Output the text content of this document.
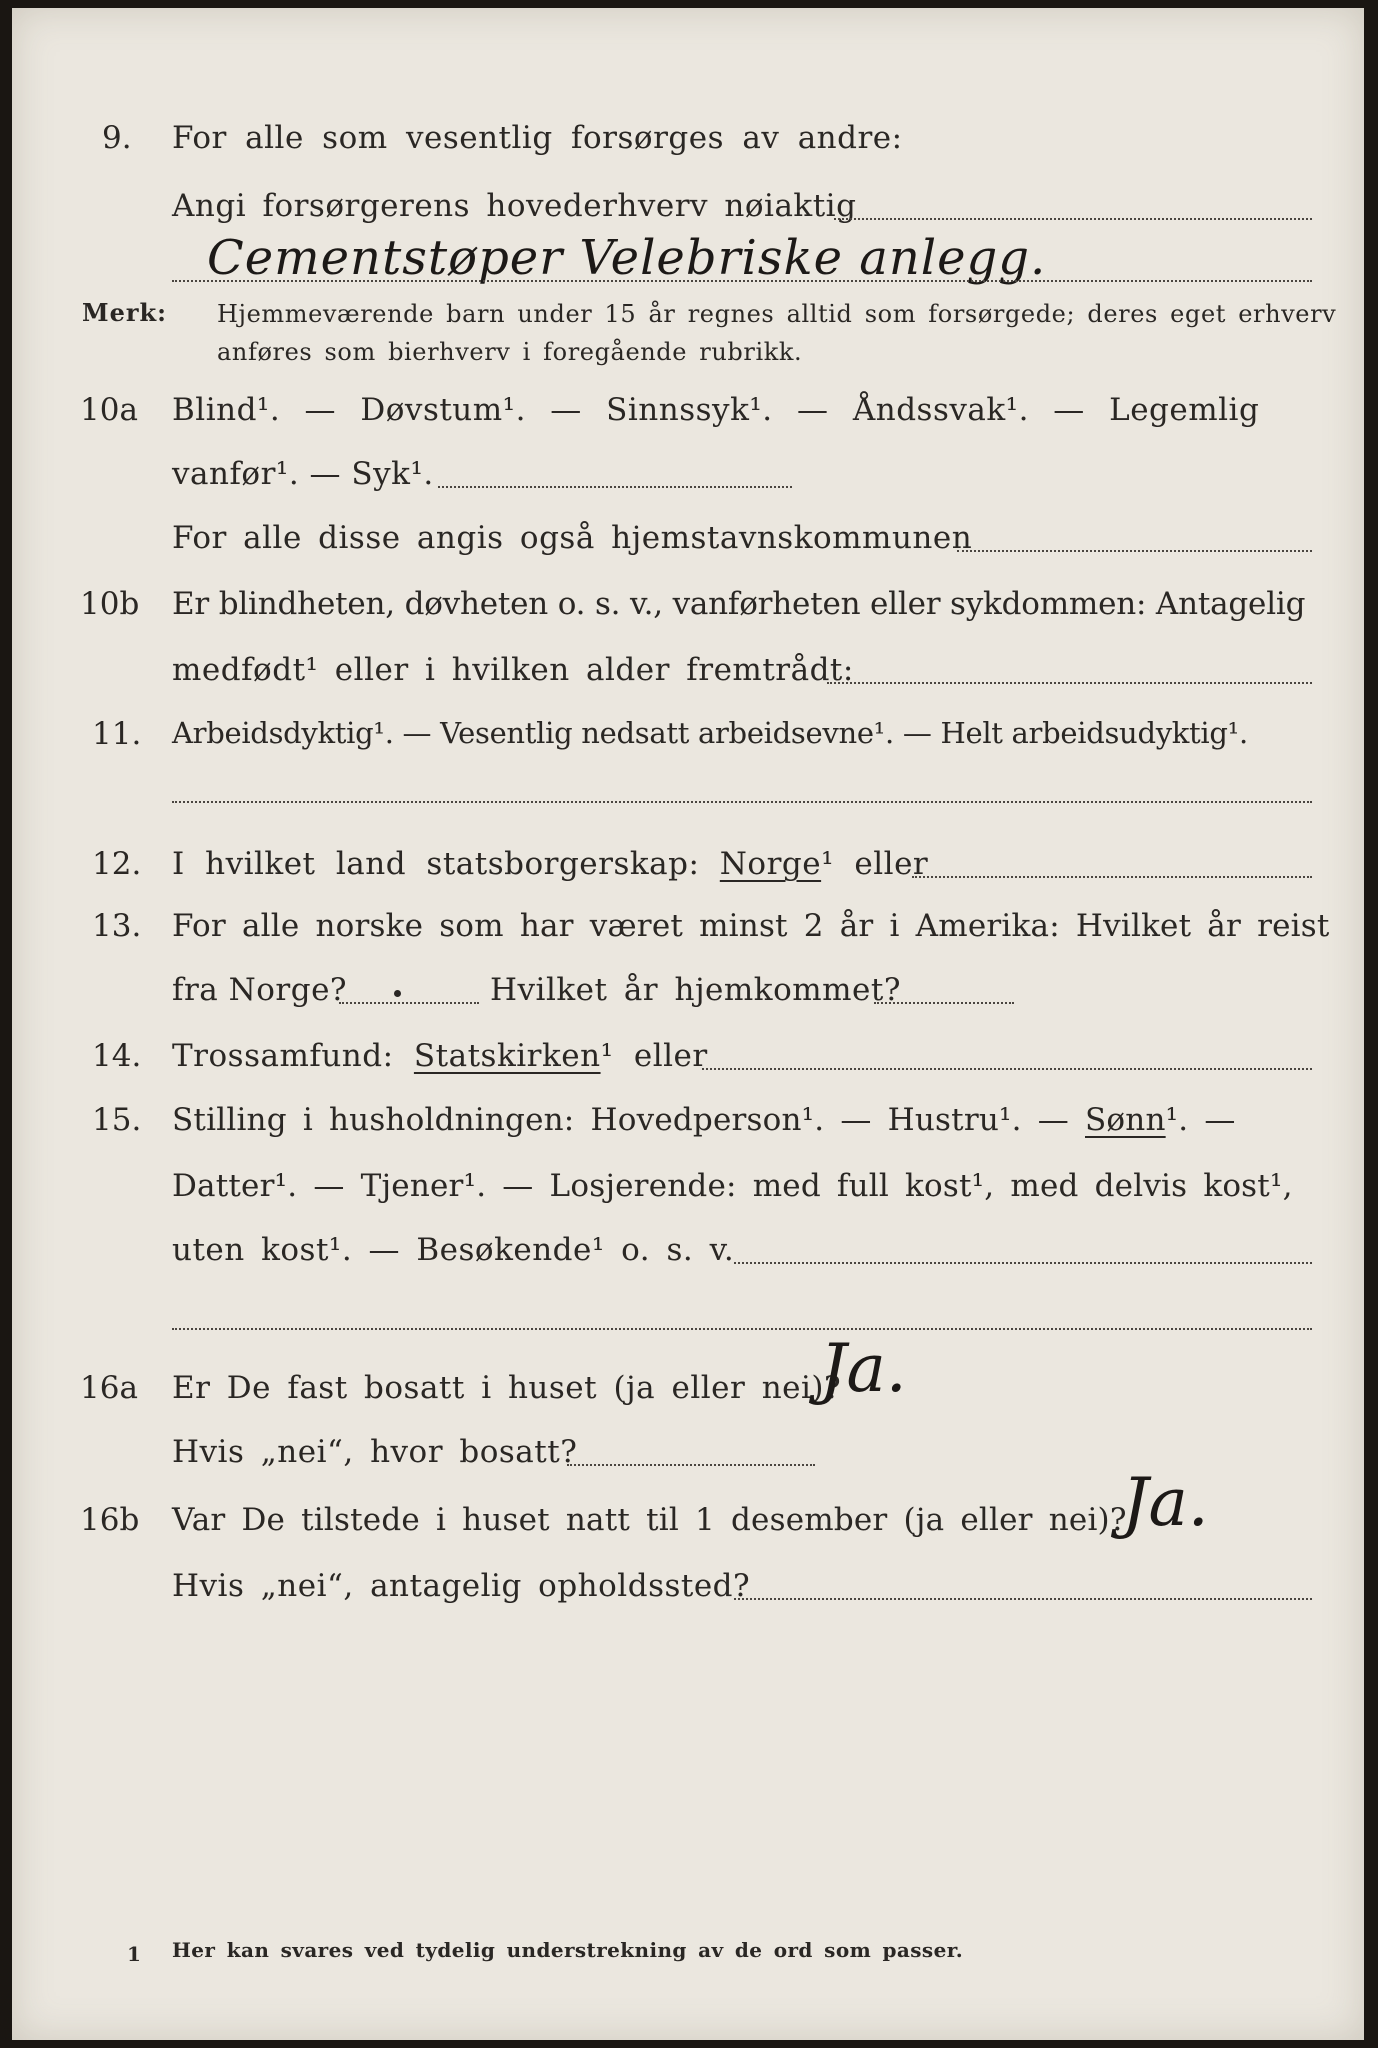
9. For alle som vesentlig forsørges av andre:
Angi forsørgerens hovederhverv nøiaktig
Cementstøper Velebriske anlegg.
Merk: Hjemmeværende barn under 15 år regnes alltid som forsørgede; deres eget erhverv
anføres som bierhverv i foregående rubrikk.
10a Blind¹. — Døvstum¹. — Sinnssyk¹. — Åndssvak¹. — Legemlig
vanfør¹. — Syk¹.
For alle disse angis også hjemstavnskommunen
10b Er blindheten, døvheten o. s. v., vanførheten eller sykdommen: Antagelig
medfødt¹ eller i hvilken alder fremtrådt:
11. Arbeidsdyktig¹. — Vesentlig nedsatt arbeidsevne¹. — Helt arbeidsudyktig¹.
12. I hvilket land statsborgerskap: Norge¹ eller
13. For alle norske som har været minst 2 år i Amerika: Hvilket år reist
fra Norge?	Hvilket år hjemkommet?
14. Trossamfund: Statskirken¹ eller
15. Stilling i husholdningen: Hovedperson¹. — Hustru¹. — Sønn¹. —
Datter¹. — Tjener¹. — Losjerende: med full kost¹, med delvis kost¹,
uten kost¹. — Besøkende¹ o. s. v.
16a Er De fast bosatt i huset (ja eller nei)?
Ja.
Hvis „nei“, hvor bosatt?
16b Var De tilstede i huset natt til 1 desember (ja eller nei)?
Ja.
Hvis „nei“, antagelig opholdssted?
1 Her kan svares ved tydelig understrekning av de ord som passer.
